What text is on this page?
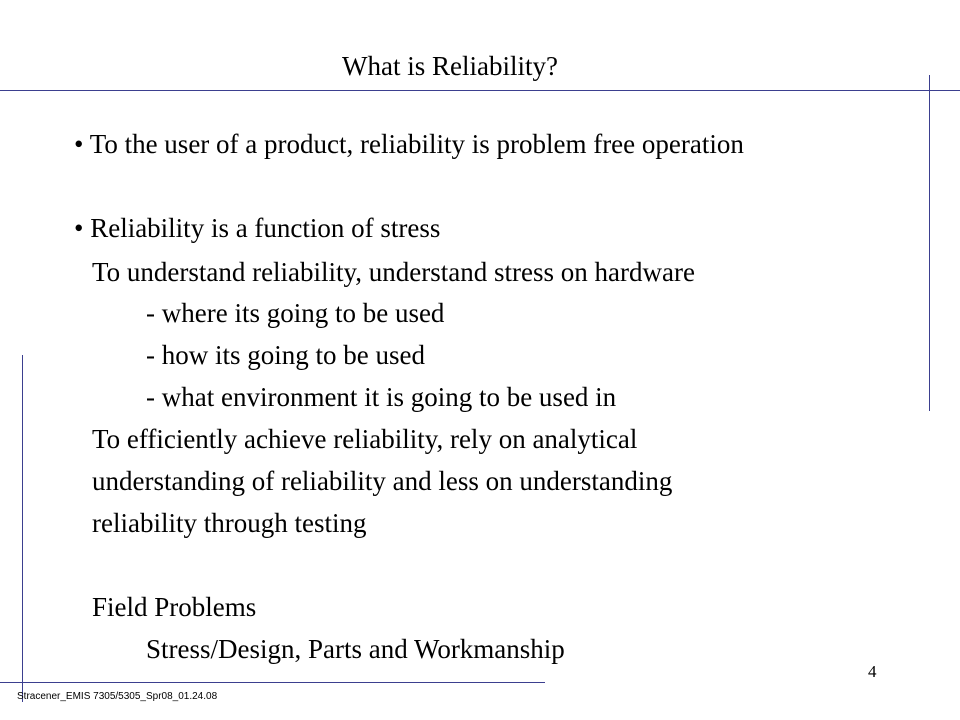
What is Reliability?
• To the user of a product, reliability is problem free operation
• Reliability is a function of stress
To understand reliability, understand stress on hardware
- where its going to be used
- how its going to be used
- what environment it is going to be used in
To efficiently achieve reliability, rely on analytical
understanding of reliability and less on understanding
reliability through testing
Field Problems
Stress/Design, Parts and Workmanship
4
Stracener_EMIS 7305/5305_Spr08_01.24.08
